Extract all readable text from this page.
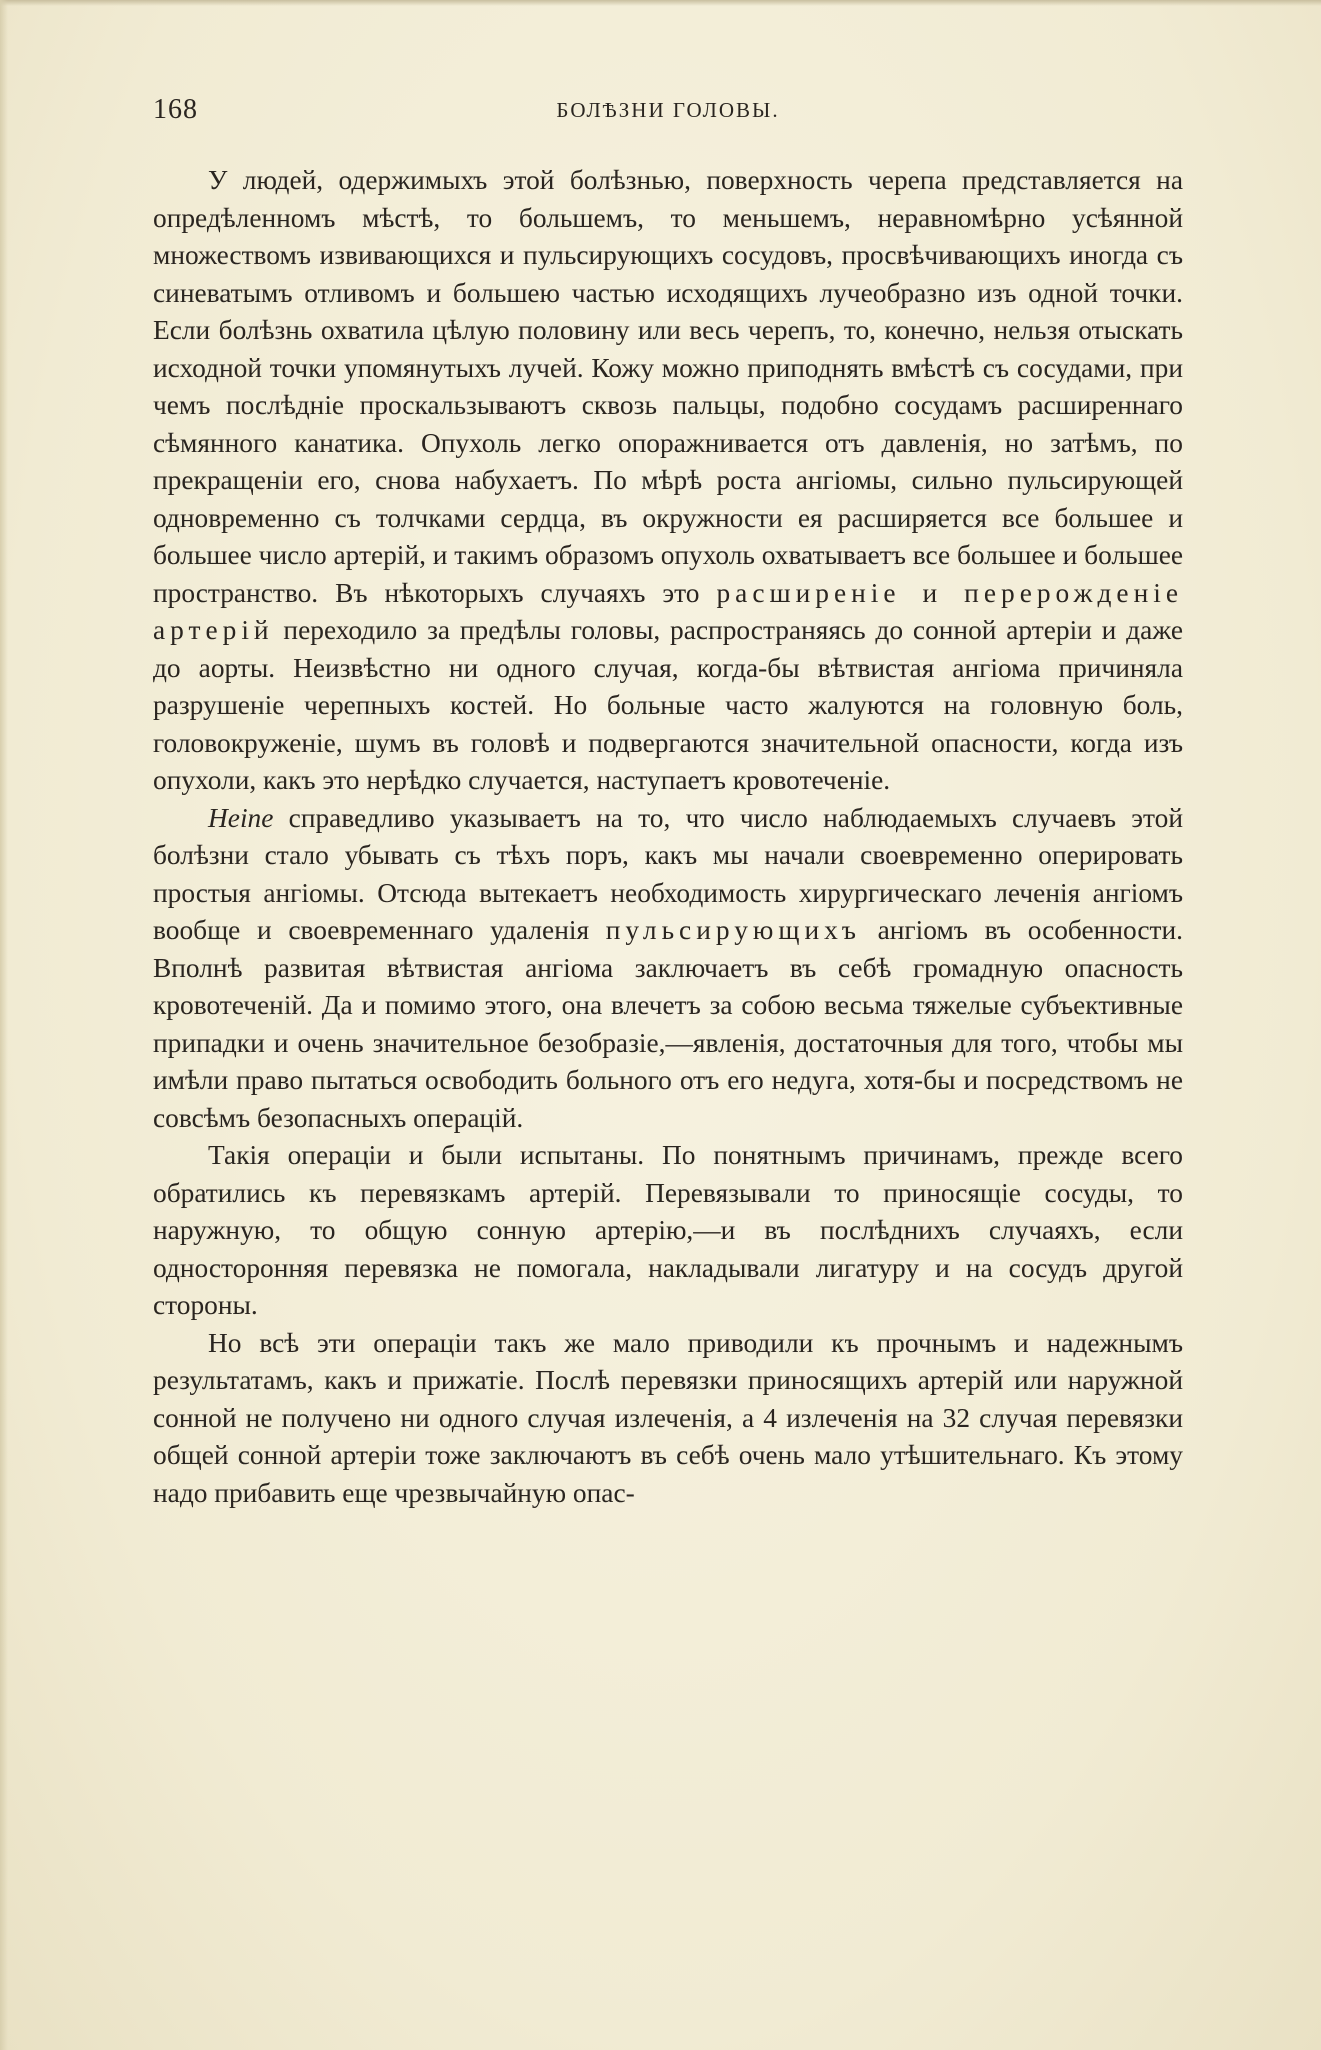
168	БОЛѢЗНИ ГОЛОВЫ.

У людей, одержимыхъ этой болѣзнью, поверхность черепа представляется на опредѣленномъ мѣстѣ, то большемъ, то меньшемъ, неравномѣрно усѣянной множествомъ извивающихся и пульсирующихъ сосудовъ, просвѣчивающихъ иногда съ синеватымъ отливомъ и большею частью исходящихъ лучеобразно изъ одной точки. Если болѣзнь охватила цѣлую половину или весь черепъ, то, конечно, нельзя отыскать исходной точки упомянутыхъ лучей. Кожу можно приподнять вмѣстѣ съ сосудами, при чемъ послѣдніе проскальзываютъ сквозь пальцы, подобно сосудамъ расширеннаго сѣмянного канатика. Опухоль легко опоражнивается отъ давленія, но затѣмъ, по прекращеніи его, снова набухаетъ. По мѣрѣ роста ангіомы, сильно пульсирующей одновременно съ толчками сердца, въ окружности ея расширяется все большее и большее число артерій, и такимъ образомъ опухоль охватываетъ все большее и большее пространство. Въ нѣкоторыхъ случаяхъ это расширеніе и перерожденіе артерій переходило за предѣлы головы, распространяясь до сонной артеріи и даже до аорты. Неизвѣстно ни одного случая, когда-бы вѣтвистая ангіома причиняла разрушеніе черепныхъ костей. Но больные часто жалуются на головную боль, головокруженіе, шумъ въ головѣ и подвергаются значительной опасности, когда изъ опухоли, какъ это нерѣдко случается, наступаетъ кровотеченіе.

Heine справедливо указываетъ на то, что число наблюдаемыхъ случаевъ этой болѣзни стало убывать съ тѣхъ поръ, какъ мы начали своевременно оперировать простыя ангіомы. Отсюда вытекаетъ необходимость хирургическаго леченія ангіомъ вообще и своевременнаго удаленія пульсирующихъ ангіомъ въ особенности. Вполнѣ развитая вѣтвистая ангіома заключаетъ въ себѣ громадную опасность кровотеченій. Да и помимо этого, она влечетъ за собою весьма тяжелые субъективные припадки и очень значительное безобразіе,—явленія, достаточныя для того, чтобы мы имѣли право пытаться освободить больного отъ его недуга, хотя-бы и посредствомъ не совсѣмъ безопасныхъ операцій.

Такія операціи и были испытаны. По понятнымъ причинамъ, прежде всего обратились къ перевязкамъ артерій. Перевязывали то приносящіе сосуды, то наружную, то общую сонную артерію,—и въ послѣднихъ случаяхъ, если односторонняя перевязка не помогала, накладывали лигатуру и на сосудъ другой стороны.

Но всѣ эти операціи такъ же мало приводили къ прочнымъ и надежнымъ результатамъ, какъ и прижатіе. Послѣ перевязки приносящихъ артерій или наружной сонной не получено ни одного случая излеченія, а 4 излеченія на 32 случая перевязки общей сонной артеріи тоже заключаютъ въ себѣ очень мало утѣшительнаго. Къ этому надо прибавить еще чрезвычайную опас-
